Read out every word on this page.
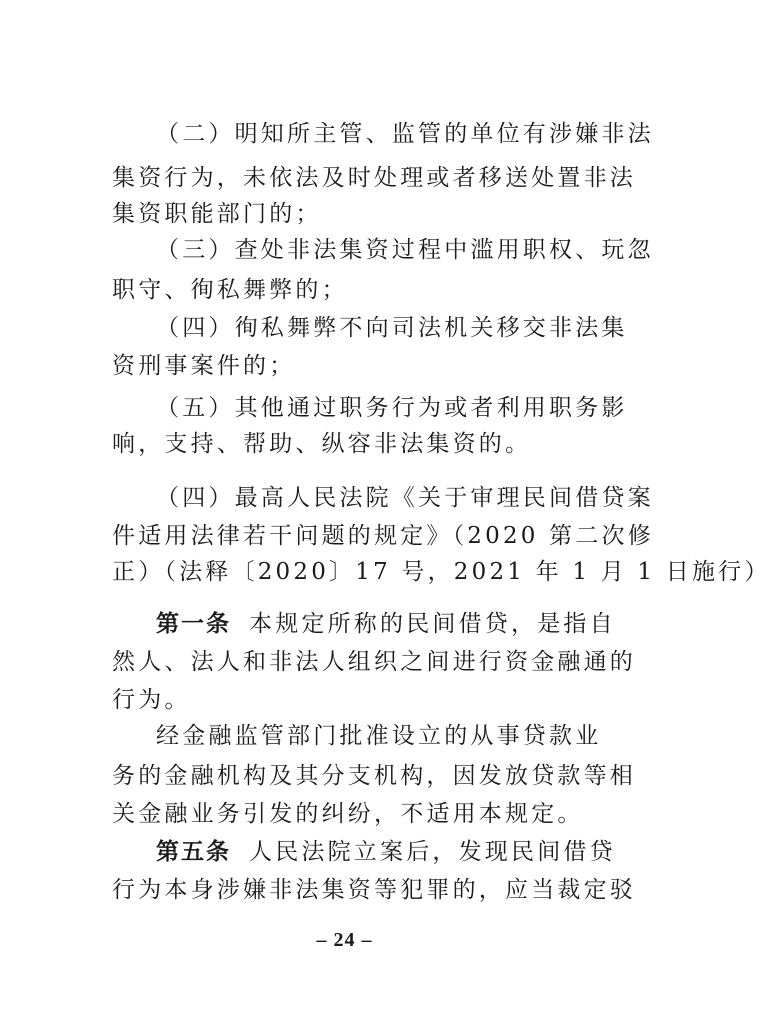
（二）明知所主管、监管的单位有涉嫌非法
集资行为，未依法及时处理或者移送处置非法
集资职能部门的；
（三）查处非法集资过程中滥用职权、玩忽
职守、徇私舞弊的；
（四）徇私舞弊不向司法机关移交非法集
资刑事案件的；
（五）其他通过职务行为或者利用职务影
响，支持、帮助、纵容非法集资的。
（四）最高人民法院《关于审理民间借贷案
件适用法律若干问题的规定》（2020 第二次修
正）（法释〔2020〕17 号，2021 年 1 月 1 日施行）
第一条 本规定所称的民间借贷，是指自
然人、法人和非法人组织之间进行资金融通的
行为。
经金融监管部门批准设立的从事贷款业
务的金融机构及其分支机构，因发放贷款等相
关金融业务引发的纠纷，不适用本规定。
第五条 人民法院立案后，发现民间借贷
行为本身涉嫌非法集资等犯罪的，应当裁定驳
– 24 –
